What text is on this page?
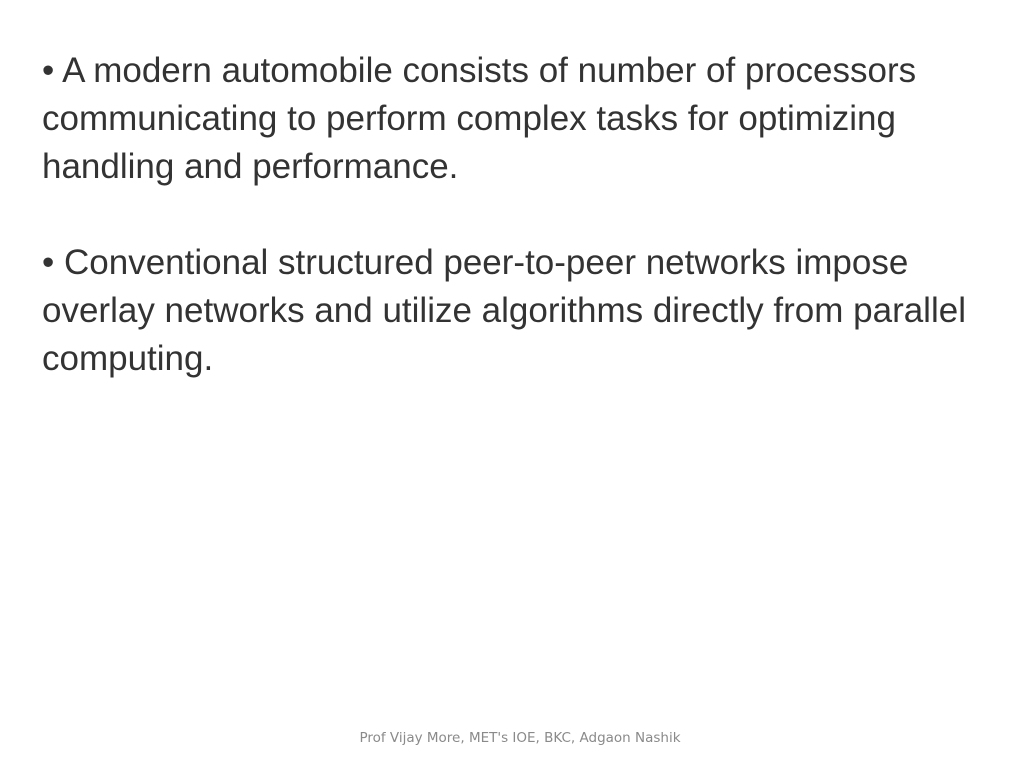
• A modern automobile consists of number of processors communicating to perform complex tasks for optimizing handling and performance.

• Conventional structured peer-to-peer networks impose overlay networks and utilize algorithms directly from parallel computing.

Prof Vijay More, MET's IOE, BKC, Adgaon Nashik
